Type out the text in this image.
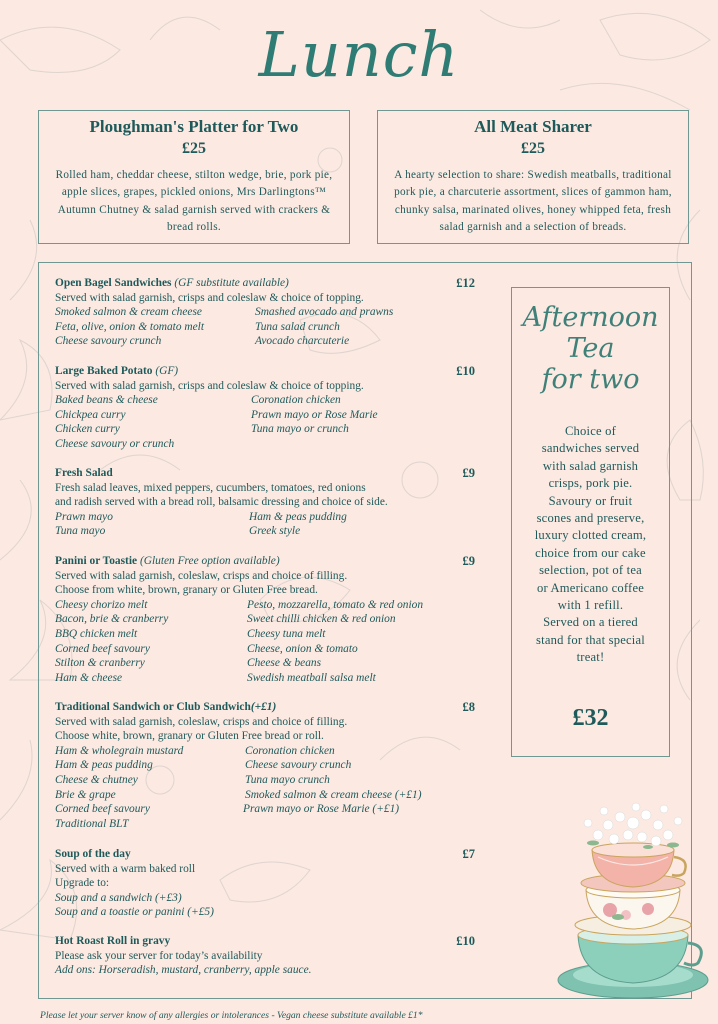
Lunch
Ploughman's Platter for Two
£25

Rolled ham, cheddar cheese, stilton wedge, brie, pork pie, apple slices, grapes, pickled onions, Mrs Darlingtons™ Autumn Chutney & salad garnish served with crackers & bread rolls.

All Meat Sharer
£25

A hearty selection to share: Swedish meatballs, traditional pork pie, a charcuterie assortment, slices of gammon ham, chunky salsa, marinated olives, honey whipped feta, fresh salad garnish and a selection of breads.

Open Bagel Sandwiches (GF substitute available)	£12
Served with salad garnish, crisps and coleslaw & choice of topping.
Smoked salmon & cream cheese	Smashed avocado and prawns
Feta, olive, onion & tomato melt	Tuna salad crunch
Cheese savoury crunch	Avocado charcuterie
Large Baked Potato (GF)	£10
Served with salad garnish, crisps and coleslaw & choice of topping.
Baked beans & cheese	Coronation chicken
Chickpea curry	Prawn mayo or Rose Marie
Chicken curry	Tuna mayo or crunch
Cheese savoury or crunch
Fresh Salad	£9
Fresh salad leaves, mixed peppers, cucumbers, tomatoes, red onions
and radish served with a bread roll, balsamic dressing and choice of side.
Prawn mayo	Ham & peas pudding
Tuna mayo	Greek style
Panini or Toastie (Gluten Free option available)	£9
Served with salad garnish, coleslaw, crisps and choice of filling.
Choose from white, brown, granary or Gluten Free bread.
Cheesy chorizo melt	Pesto, mozzarella, tomato & red onion
Bacon, brie & cranberry	Sweet chilli chicken & red onion
BBQ chicken melt	Cheesy tuna melt
Corned beef savoury	Cheese, onion & tomato
Stilton & cranberry	Cheese & beans
Ham & cheese	Swedish meatball salsa melt
Traditional Sandwich or Club Sandwich(+£1)	£8
Served with salad garnish, coleslaw, crisps and choice of filling.
Choose white, brown, granary or Gluten Free bread or roll.
Ham & wholegrain mustard	Coronation chicken
Ham & peas pudding	Cheese savoury crunch
Cheese & chutney	Tuna mayo crunch
Brie & grape	Smoked salmon & cream cheese (+£1)
Corned beef savoury	Prawn mayo or Rose Marie (+£1)
Traditional BLT
Soup of the day	£7
Served with a warm baked roll
Upgrade to:
Soup and a sandwich (+£3)
Soup and a toastie or panini (+£5)
Hot Roast Roll in gravy	£10
Please ask your server for today’s availability
Add ons: Horseradish, mustard, cranberry, apple sauce.
Afternoon
Tea
for two
Choice of
sandwiches served
with salad garnish
crisps, pork pie.
Savoury or fruit
scones and preserve,
luxury clotted cream,
choice from our cake
selection, pot of tea
or Americano coffee
with 1 refill.
Served on a tiered
stand for that special
treat!
£32
Please let your server know of any allergies or intolerances - Vegan cheese substitute available £1*
